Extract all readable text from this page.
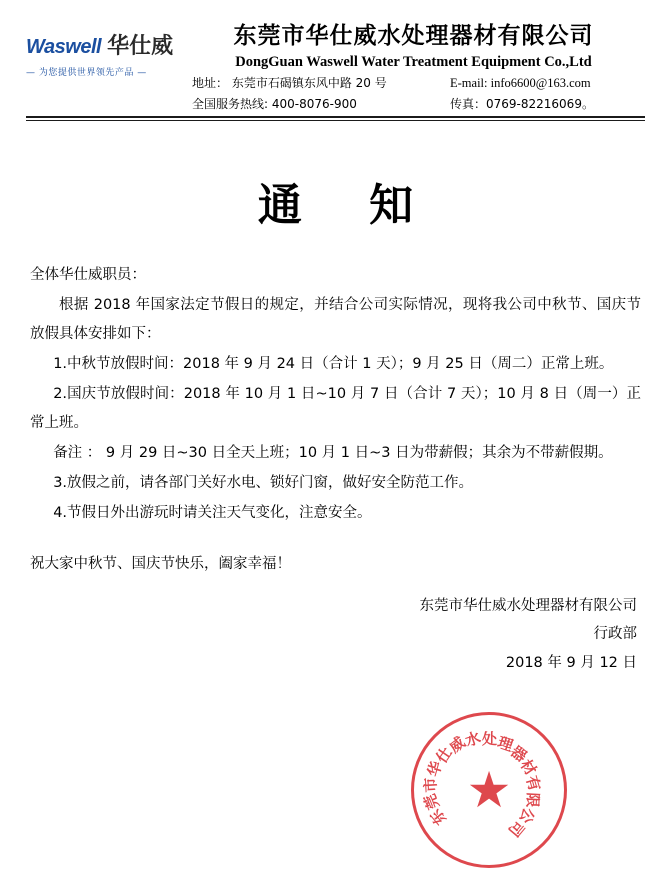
Waswell 华仕威
— 为您提供世界领先产品 —
东莞市华仕威水处理器材有限公司
DongGuan Waswell Water Treatment Equipment Co.,Ltd
地址： 东莞市石碣镇东风中路 20 号	E-mail: info6600@163.com
全国服务热线: 400-8076-900	传真：0769-82216069。
通 知

全体华仕威职员：

根据 2018 年国家法定节假日的规定，并结合公司实际情况，现将我公司中秋节、国庆节放假具体安排如下：

1.中秋节放假时间：2018 年 9 月 24 日（合计 1 天）；9 月 25 日（周二）正常上班。

2.国庆节放假时间：2018 年 10 月 1 日~10 月 7 日（合计 7 天）；10 月 8 日（周一）正常上班。

备注 ： 9 月 29 日~30 日全天上班；10 月 1 日~3 日为带薪假；其余为不带薪假期。

3.放假之前，请各部门关好水电、锁好门窗，做好安全防范工作。

4.节假日外出游玩时请关注天气变化，注意安全。

祝大家中秋节、国庆节快乐，阖家幸福！

东莞市华仕威水处理器材有限公司
行政部
2018 年 9 月 12 日
东
莞
市
华
仕
威
水 处
理
器
材
有
限
公
司
★
